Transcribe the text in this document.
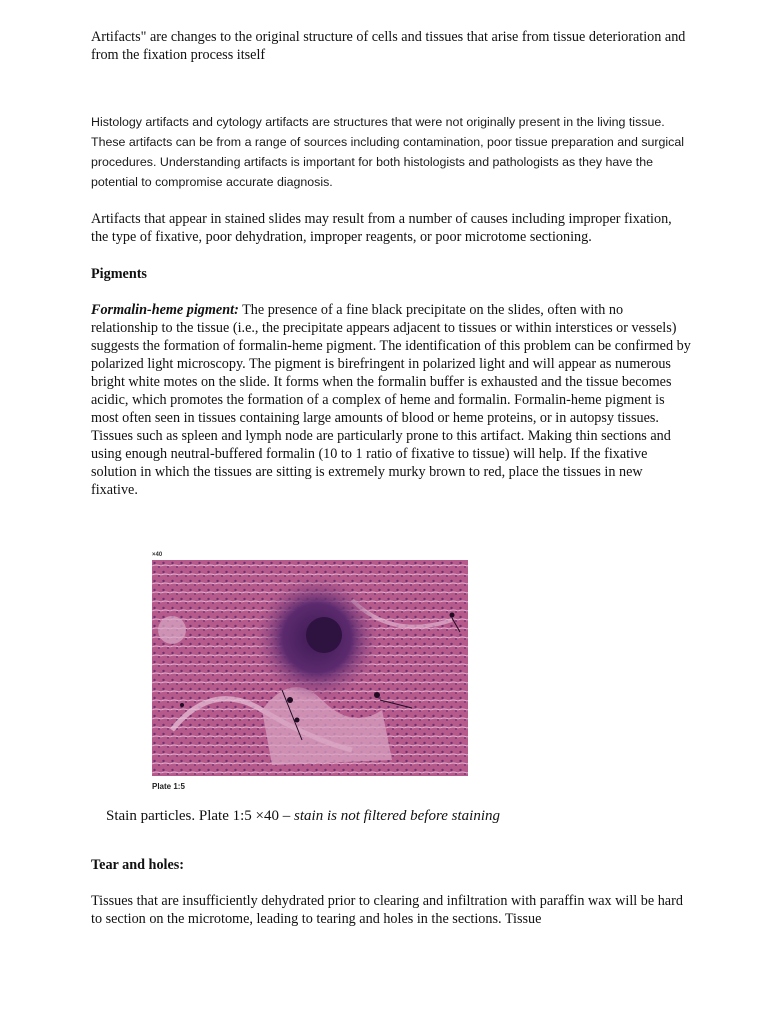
Artifacts" are changes to the original structure of cells and tissues that arise from tissue deterioration and from the fixation process itself

Histology artifacts and cytology artifacts are structures that were not originally present in the living tissue. These artifacts can be from a range of sources including contamination, poor tissue preparation and surgical procedures. Understanding artifacts is important for both histologists and pathologists as they have the potential to compromise accurate diagnosis.

Artifacts that appear in stained slides may result from a number of causes including improper fixation, the type of fixative, poor dehydration, improper reagents, or poor microtome sectioning.

Pigments

Formalin-heme pigment: The presence of a fine black precipitate on the slides, often with no relationship to the tissue (i.e., the precipitate appears adjacent to tissues or within interstices or vessels) suggests the formation of formalin-heme pigment. The identification of this problem can be confirmed by polarized light microscopy. The pigment is birefringent in polarized light and will appear as numerous bright white motes on the slide. It forms when the formalin buffer is exhausted and the tissue becomes acidic, which promotes the formation of a complex of heme and formalin. Formalin-heme pigment is most often seen in tissues containing large amounts of blood or heme proteins, or in autopsy tissues. Tissues such as spleen and lymph node are particularly prone to this artifact. Making thin sections and using enough neutral-buffered formalin (10 to 1 ratio of fixative to tissue) will help. If the fixative solution in which the tissues are sitting is extremely murky brown to red, place the tissues in new fixative.

Tear and holes:

Tissues that are insufficiently dehydrated prior to clearing and infiltration with paraffin wax will be hard to section on the microtome, leading to tearing and holes in the sections. Tissue

×40
Plate 1:5
Stain particles. Plate 1:5 ×40 – stain is not filtered before staining
